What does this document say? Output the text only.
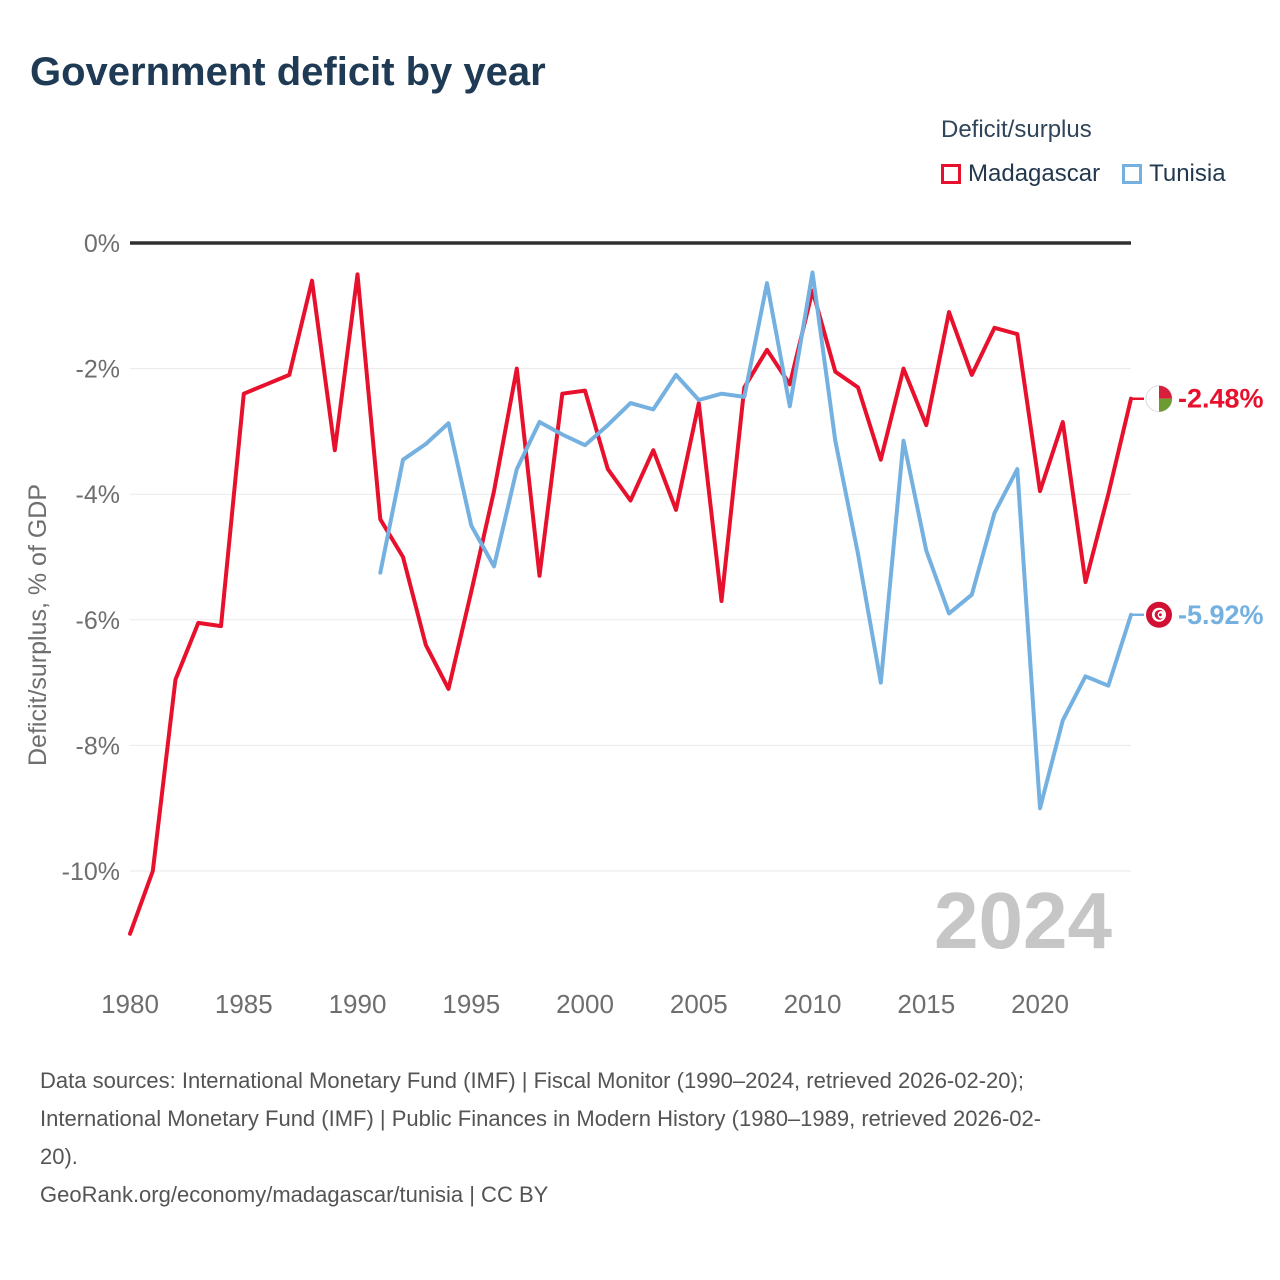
Government deficit by year
Deficit/surplus
Madagascar Tunisia
0%
-2%
-4%
-6%
-8%
-10%
2024
1980 1985 1990 1995 2000 2005 2010 2015 2020
Deficit/surplus, % of GDP
-2.48%
-5.92%
Data sources: International Monetary Fund (IMF) | Fiscal Monitor (1990–2024, retrieved 2026-02-20);
International Monetary Fund (IMF) | Public Finances in Modern History (1980–1989, retrieved 2026-02-
20).
GeoRank.org/economy/madagascar/tunisia | CC BY
